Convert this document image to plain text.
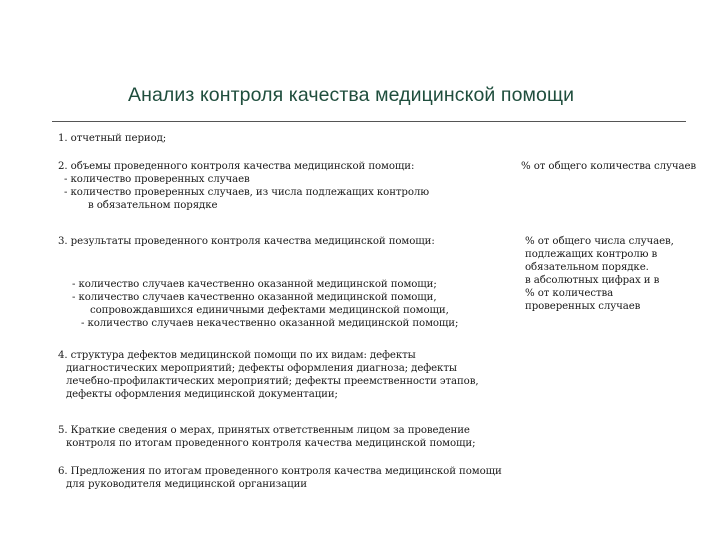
Анализ контроля качества медицинской помощи
1. отчетный период;
2. объемы проведенного контроля качества медицинской помощи:
- количество проверенных случаев
- количество проверенных случаев, из числа подлежащих контролю
в обязательном порядке
% от общего количества случаев
3. результаты проведенного контроля качества медицинской помощи:
- количество случаев качественно оказанной медицинской помощи;
- количество случаев качественно оказанной медицинской помощи,
сопровождавшихся единичными дефектами медицинской помощи,
- количество случаев некачественно оказанной медицинской помощи;
% от общего числа случаев,
подлежащих контролю в
обязательном порядке.
в абсолютных цифрах и в
% от количества
проверенных случаев
4. структура дефектов медицинской помощи по их видам: дефекты
диагностических мероприятий; дефекты оформления диагноза; дефекты
лечебно-профилактических мероприятий; дефекты преемственности этапов,
дефекты оформления медицинской документации;
5. Краткие сведения о мерах, принятых ответственным лицом за проведение
контроля по итогам проведенного контроля качества медицинской помощи;
6. Предложения по итогам проведенного контроля качества медицинской помощи
для руководителя медицинской организации
